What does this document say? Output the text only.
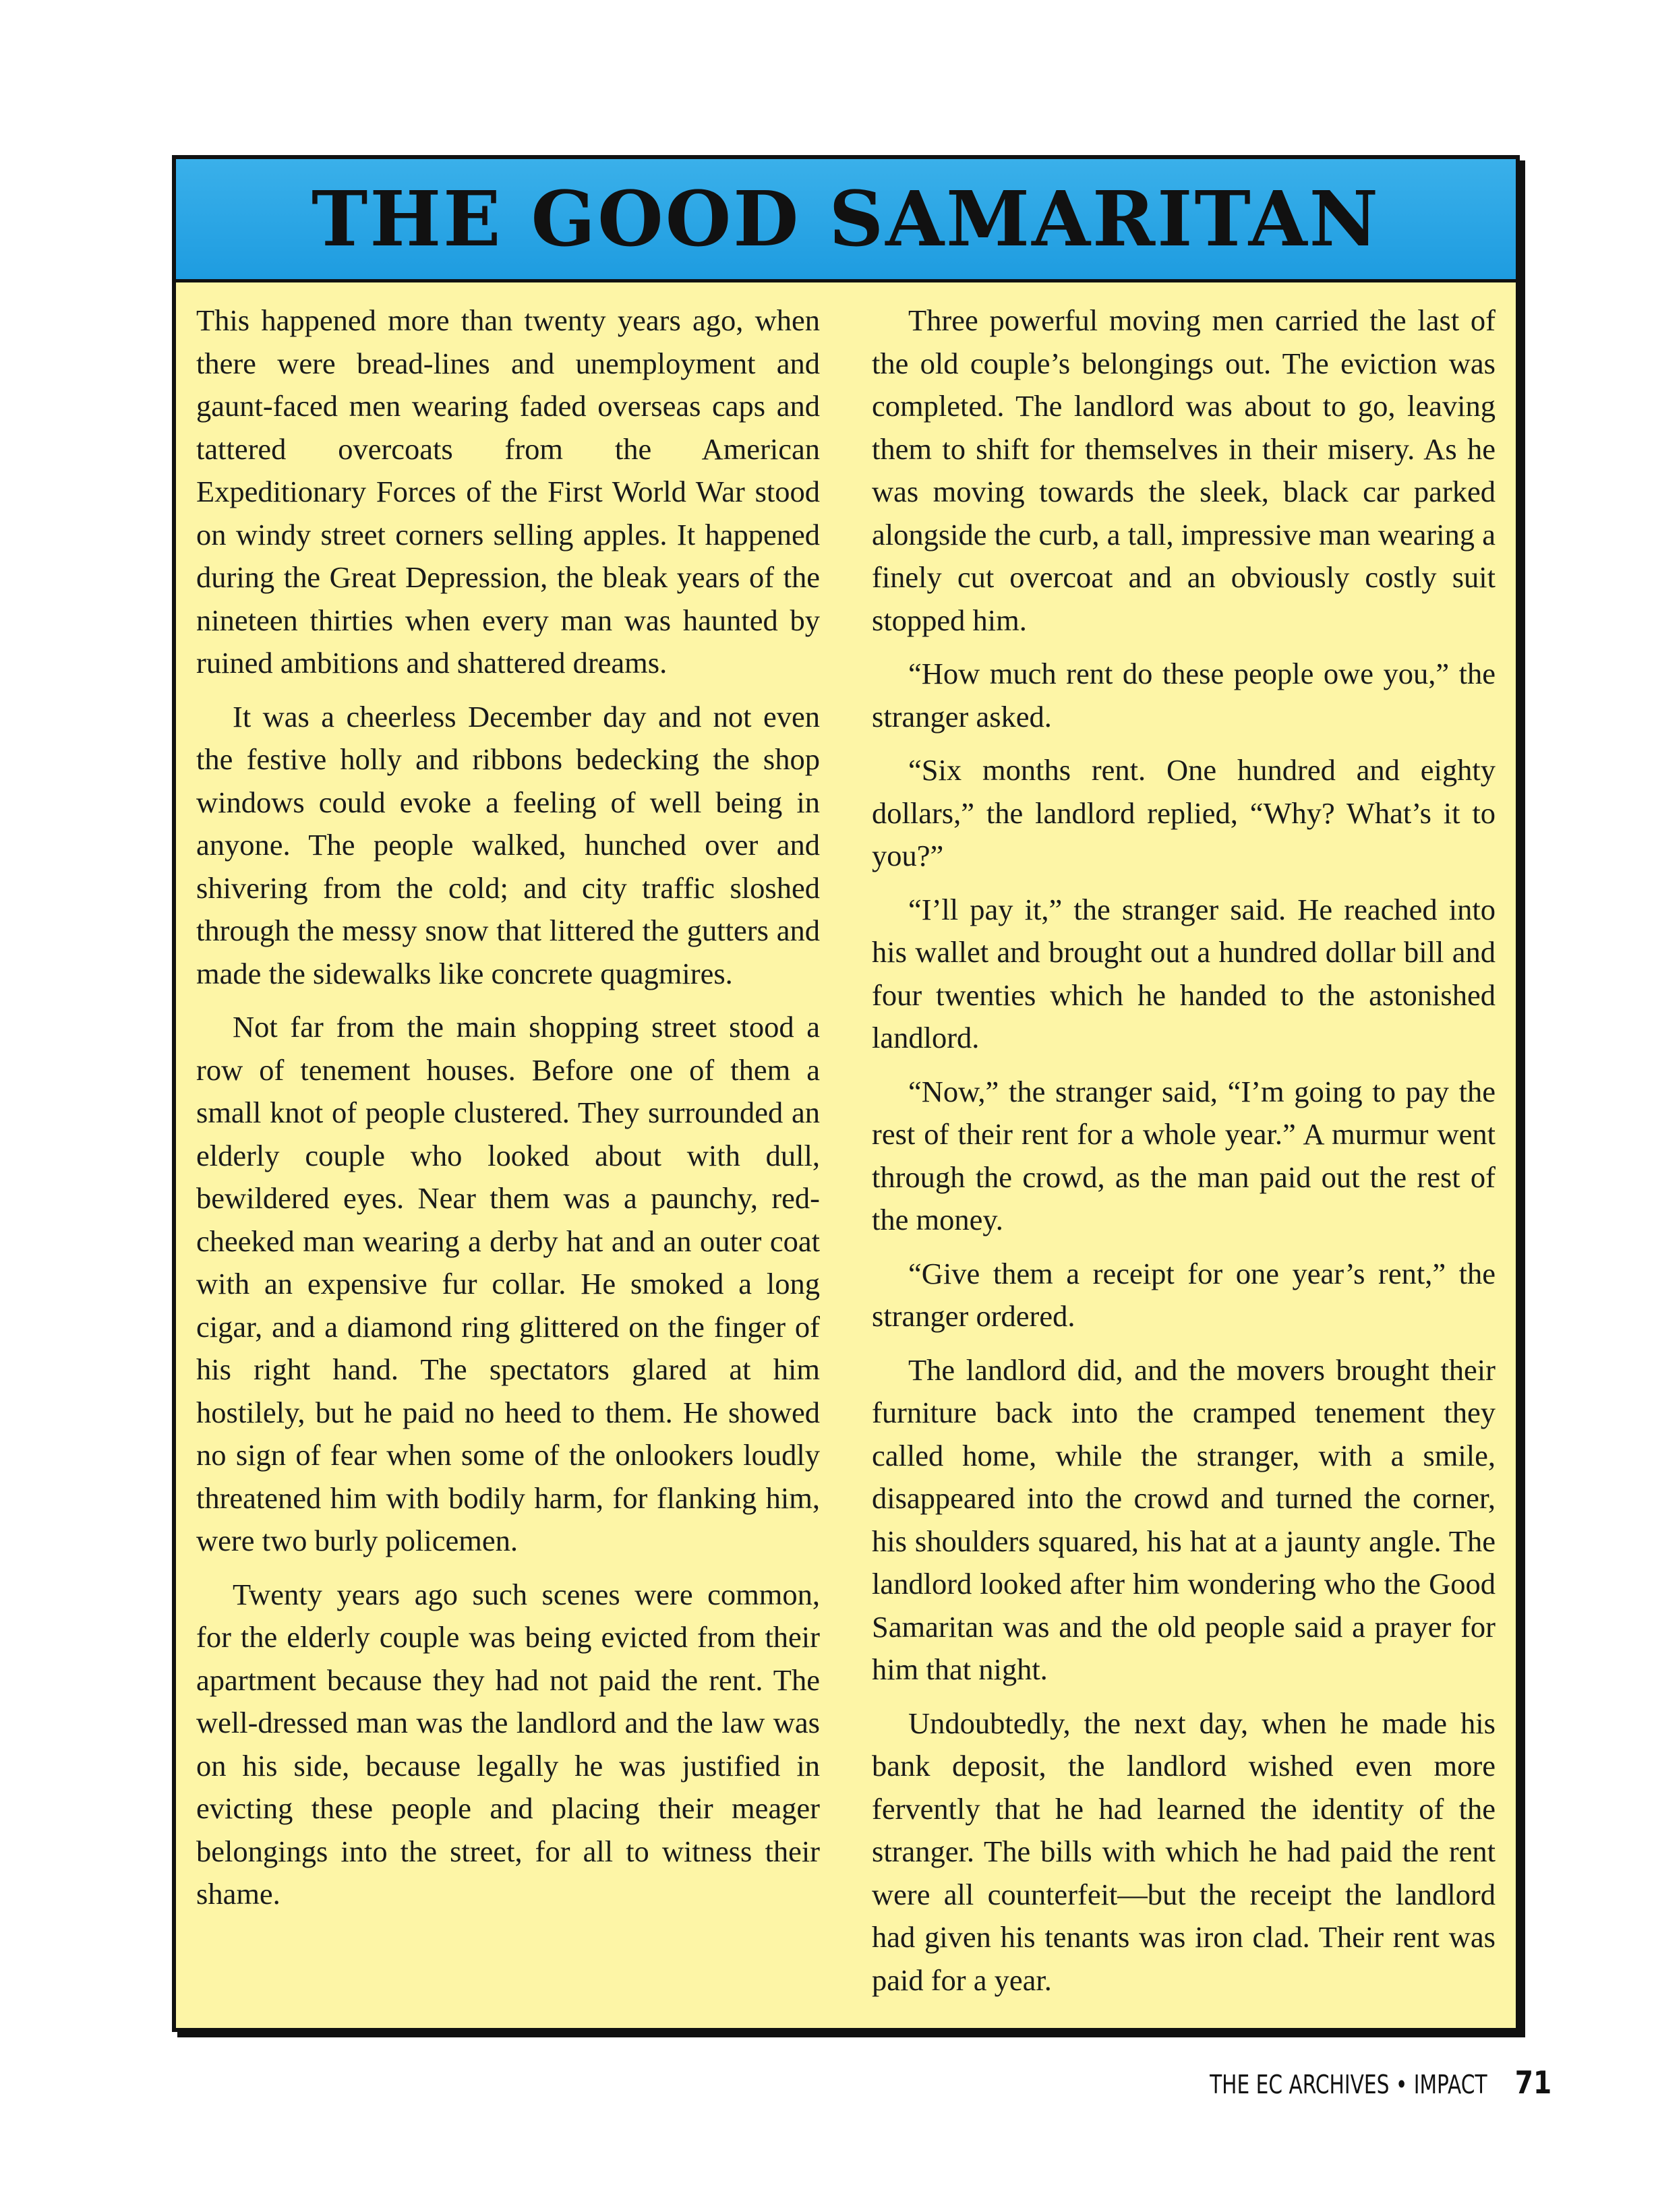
THE GOOD SAMARITAN

This happened more than twenty years ago, when there were bread-lines and unemployment and gaunt-faced men wearing faded overseas caps and tattered overcoats from the American Expeditionary Forces of the First World War stood on windy street corners selling apples. It happened during the Great Depression, the bleak years of the nineteen thirties when every man was haunted by ruined ambitions and shattered dreams.

It was a cheerless December day and not even the festive holly and ribbons bedecking the shop windows could evoke a feeling of well being in anyone. The people walked, hunched over and shivering from the cold; and city traffic sloshed through the messy snow that littered the gutters and made the sidewalks like concrete quagmires.

Not far from the main shopping street stood a row of tenement houses. Before one of them a small knot of people clustered. They surrounded an elderly couple who looked about with dull, bewildered eyes. Near them was a paunchy, red-cheeked man wearing a derby hat and an outer coat with an expensive fur collar. He smoked a long cigar, and a diamond ring glittered on the finger of his right hand. The spectators glared at him hostilely, but he paid no heed to them. He showed no sign of fear when some of the onlookers loudly threatened him with bodily harm, for flanking him, were two burly policemen.

Twenty years ago such scenes were common, for the elderly couple was being evicted from their apartment because they had not paid the rent. The well-dressed man was the landlord and the law was on his side, because legally he was justified in evicting these people and placing their meager belongings into the street, for all to witness their shame.

Three powerful moving men carried the last of the old couple’s belongings out. The eviction was completed. The landlord was about to go, leaving them to shift for themselves in their misery. As he was moving towards the sleek, black car parked alongside the curb, a tall, impressive man wearing a finely cut overcoat and an obviously costly suit stopped him.

“How much rent do these people owe you,” the stranger asked.

“Six months rent. One hundred and eighty dollars,” the landlord replied, “Why? What’s it to you?”

“I’ll pay it,” the stranger said. He reached into his wallet and brought out a hundred dollar bill and four twenties which he handed to the astonished landlord.

“Now,” the stranger said, “I’m going to pay the rest of their rent for a whole year.” A murmur went through the crowd, as the man paid out the rest of the money.

“Give them a receipt for one year’s rent,” the stranger ordered.

The landlord did, and the movers brought their furniture back into the cramped tenement they called home, while the stranger, with a smile, disappeared into the crowd and turned the corner, his shoulders squared, his hat at a jaunty angle. The landlord looked after him wondering who the Good Samaritan was and the old people said a prayer for him that night.

Undoubtedly, the next day, when he made his bank deposit, the landlord wished even more fervently that he had learned the identity of the stranger. The bills with which he had paid the rent were all counterfeit—but the receipt the landlord had given his tenants was iron clad. Their rent was paid for a year.

THE EC ARCHIVES • IMPACT 71
